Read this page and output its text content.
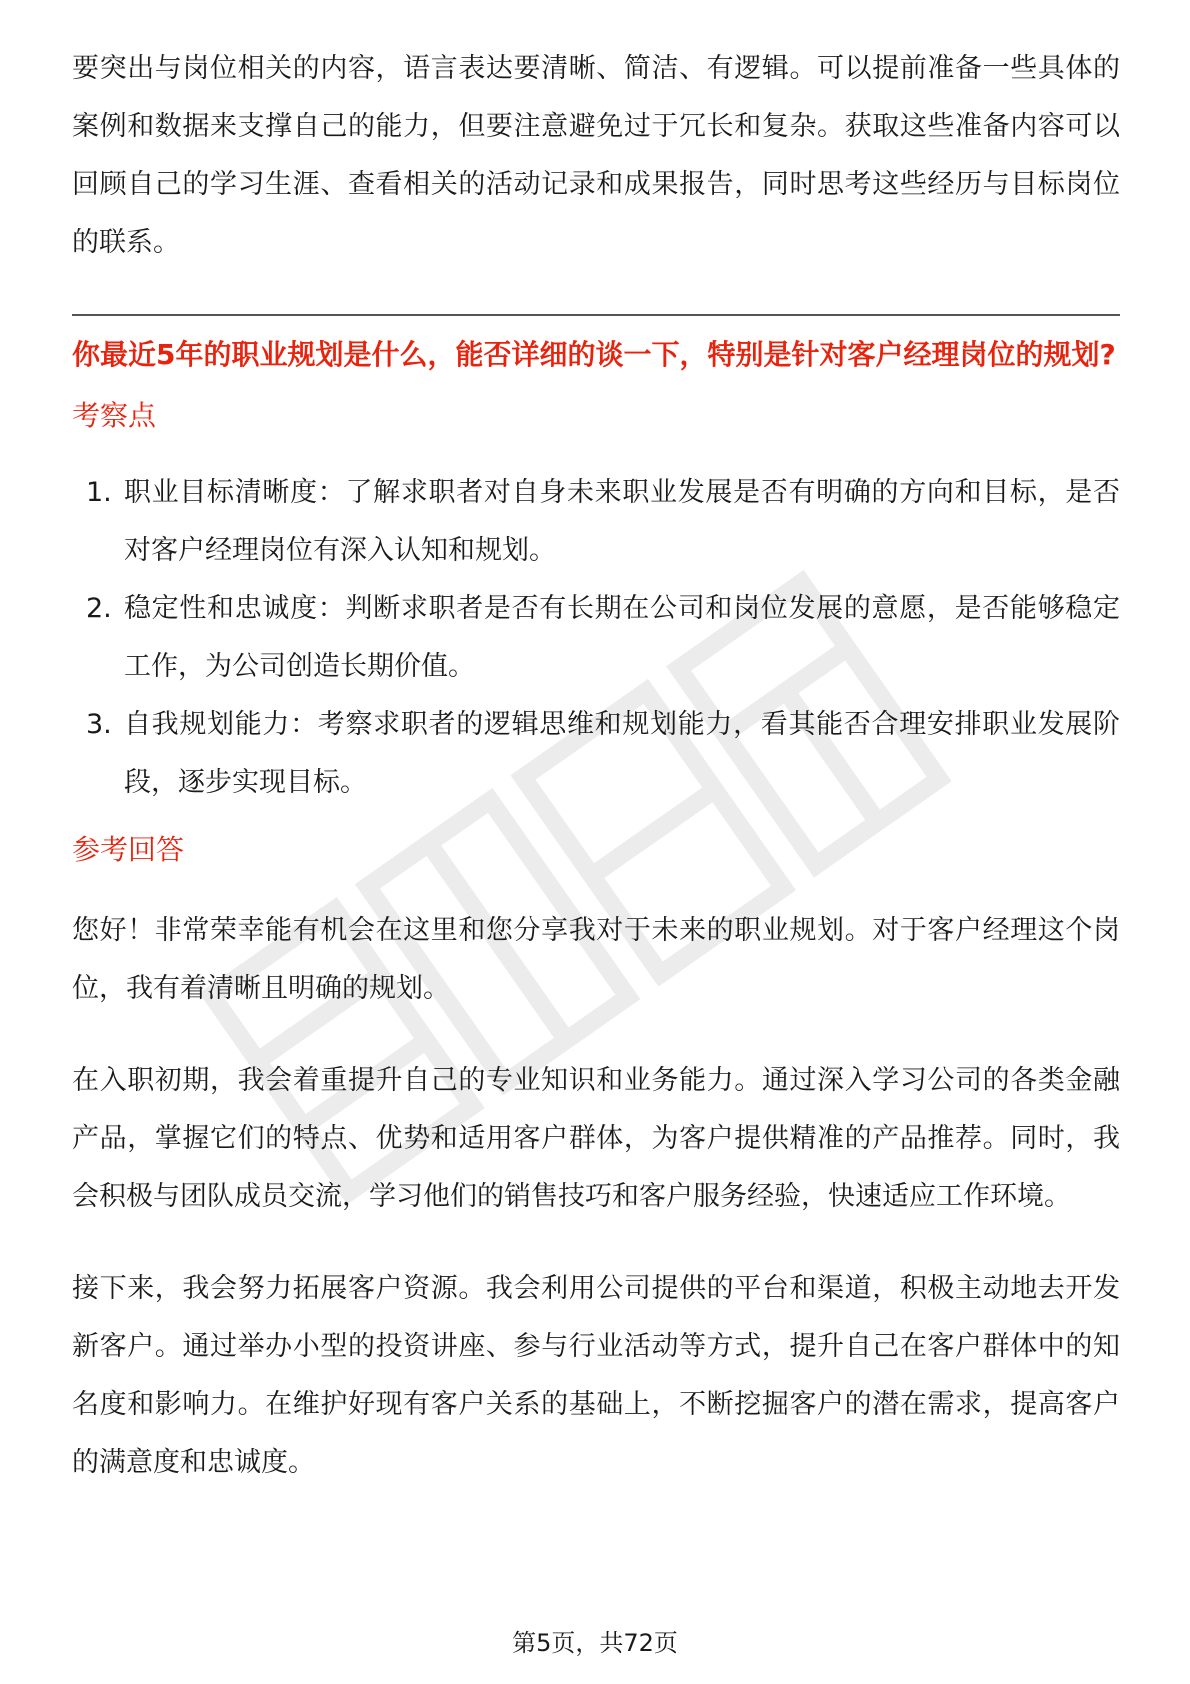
要突出与岗位相关的内容，语言表达要清晰、简洁、有逻辑。可以提前准备一些具体的案例和数据来支撑自己的能力，但要注意避免过于冗长和复杂。获取这些准备内容可以回顾自己的学习生涯、查看相关的活动记录和成果报告，同时思考这些经历与目标岗位的联系。

你最近5年的职业规划是什么，能否详细的谈一下，特别是针对客户经理岗位的规划?

考察点

1. 职业目标清晰度：了解求职者对自身未来职业发展是否有明确的方向和目标，是否对客户经理岗位有深入认知和规划。
2. 稳定性和忠诚度：判断求职者是否有长期在公司和岗位发展的意愿，是否能够稳定工作，为公司创造长期价值。
3. 自我规划能力：考察求职者的逻辑思维和规划能力，看其能否合理安排职业发展阶段，逐步实现目标。

参考回答

您好！非常荣幸能有机会在这里和您分享我对于未来的职业规划。对于客户经理这个岗位，我有着清晰且明确的规划。

在入职初期，我会着重提升自己的专业知识和业务能力。通过深入学习公司的各类金融产品，掌握它们的特点、优势和适用客户群体，为客户提供精准的产品推荐。同时，我会积极与团队成员交流，学习他们的销售技巧和客户服务经验，快速适应工作环境。

接下来，我会努力拓展客户资源。我会利用公司提供的平台和渠道，积极主动地去开发新客户。通过举办小型的投资讲座、参与行业活动等方式，提升自己在客户群体中的知名度和影响力。在维护好现有客户关系的基础上，不断挖掘客户的潜在需求，提高客户的满意度和忠诚度。

第5页，共72页
